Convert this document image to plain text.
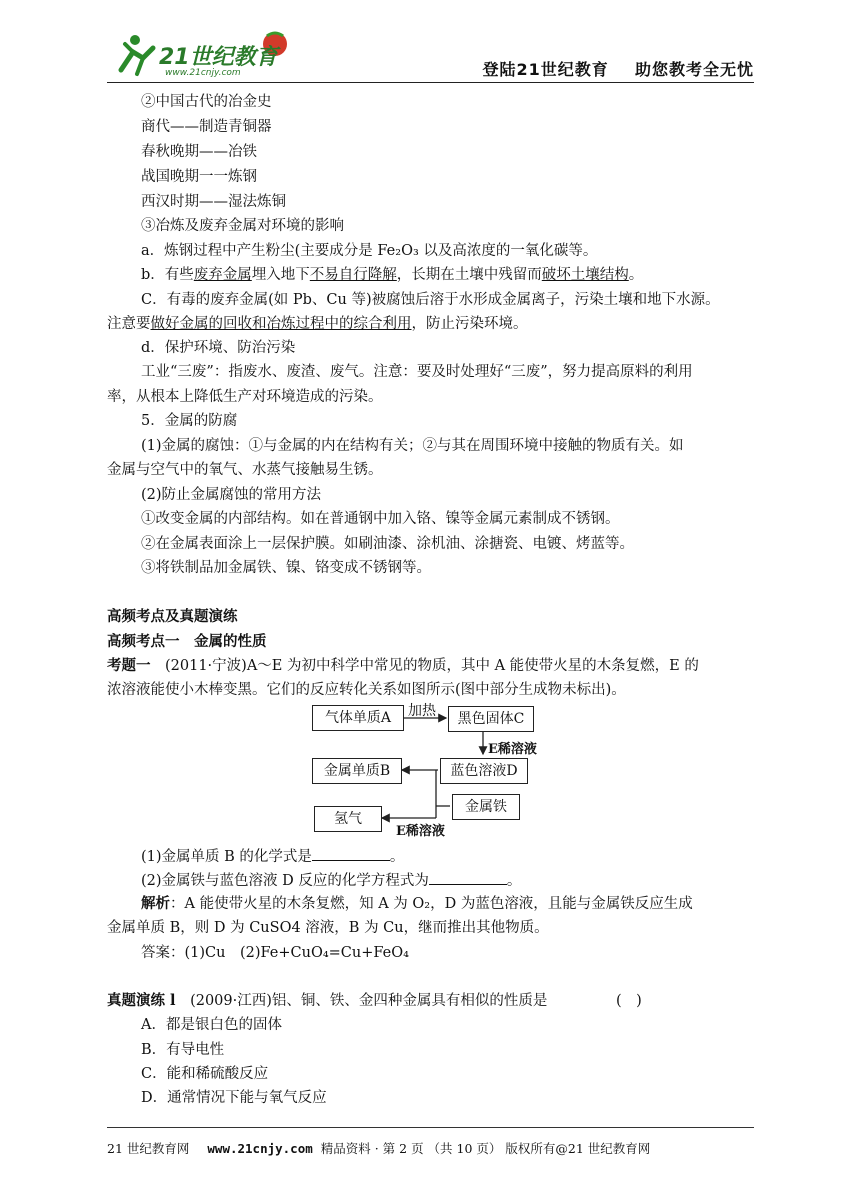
21世纪教育
www.21cnjy.com	登陆21世纪教育    助您教考全无忧
②中国古代的冶金史
商代——制造青铜器
春秋晚期——冶铁
战国晚期一一炼钢
西汉时期——湿法炼铜
③冶炼及废弃金属对环境的影响
a．炼钢过程中产生粉尘(主要成分是 Fe₂O₃ 以及高浓度的一氧化碳等。
b．有些废弃金属埋入地下不易自行降解，长期在土壤中残留而破坏土壤结构。
C．有毒的废弃金属(如 Pb、Cu 等)被腐蚀后溶于水形成金属离子，污染土壤和地下水源。
注意要做好金属的回收和冶炼过程中的综合利用，防止污染环境。
d．保护环境、防治污染
工业“三废”：指废水、废渣、废气。注意：要及时处理好“三废”，努力提高原料的利用
率，从根本上降低生产对环境造成的污染。
5．金属的防腐
(1)金属的腐蚀：①与金属的内在结构有关；②与其在周围环境中接触的物质有关。如
金属与空气中的氧气、水蒸气接触易生锈。
(2)防止金属腐蚀的常用方法
①改变金属的内部结构。如在普通钢中加入铬、镍等金属元素制成不锈钢。
②在金属表面涂上一层保护膜。如刷油漆、涂机油、涂搪瓷、电镀、烤蓝等。
③将铁制品加金属铁、镍、铬变成不锈钢等。
高频考点及真题演练
高频考点一　金属的性质
考题一　 (2011·宁波)A～E 为初中科学中常见的物质，其中 A 能使带火星的木条复燃，E 的
浓溶液能使小木棒变黑。它们的反应转化关系如图所示(图中部分生成物未标出)。
气体单质A	加热	黑色固体C
E稀溶液
金属单质B	蓝色溶液D
金属铁
氢气
E稀溶液
(1)金属单质 B 的化学式是	。
(2)金属铁与蓝色溶液 D 反应的化学方程式为	。
解析：A 能使带火星的木条复燃，知 A 为 O₂，D 为蓝色溶液，且能与金属铁反应生成
金属单质 B，则 D 为 CuSO4 溶液，B 为 Cu，继而推出其他物质。
答案：(1)Cu　(2)Fe+CuO₄=Cu+FeO₄
真题演练 l　 (2009·江西)铝、铜、铁、金四种金属具有相似的性质是	(　)
A．都是银白色的固体
B．有导电性
C．能和稀硫酸反应
D．通常情况下能与氧气反应
21 世纪教育网 www.21cnjy.com 精品资料 · 第 2 页 （共 10 页） 版权所有@21 世纪教育网
